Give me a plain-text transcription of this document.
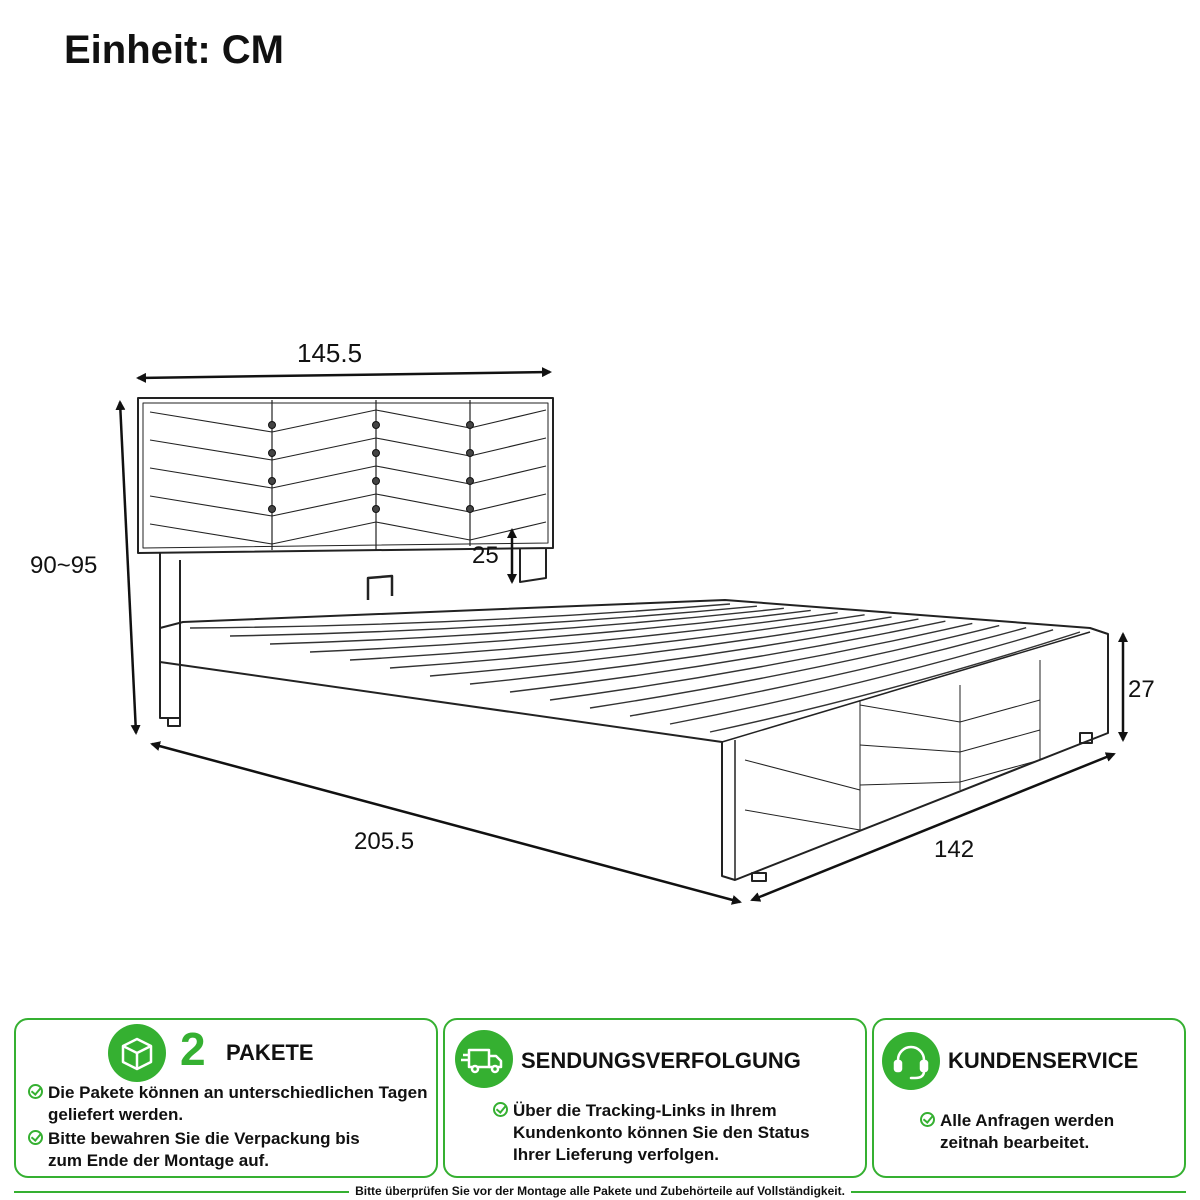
Einheit: CM
145.5
90~95	25
27
205.5	142
2 PAKETE
Die Pakete können an unterschiedlichen Tagen geliefert werden.
Bitte bewahren Sie die Verpackung bis zum Ende der Montage auf.
SENDUNGSVERFOLGUNG
Über die Tracking-Links in Ihrem Kundenkonto können Sie den Status Ihrer Lieferung verfolgen.
KUNDENSERVICE
Alle Anfragen werden zeitnah bearbeitet.
Bitte überprüfen Sie vor der Montage alle Pakete und Zubehörteile auf Vollständigkeit.
